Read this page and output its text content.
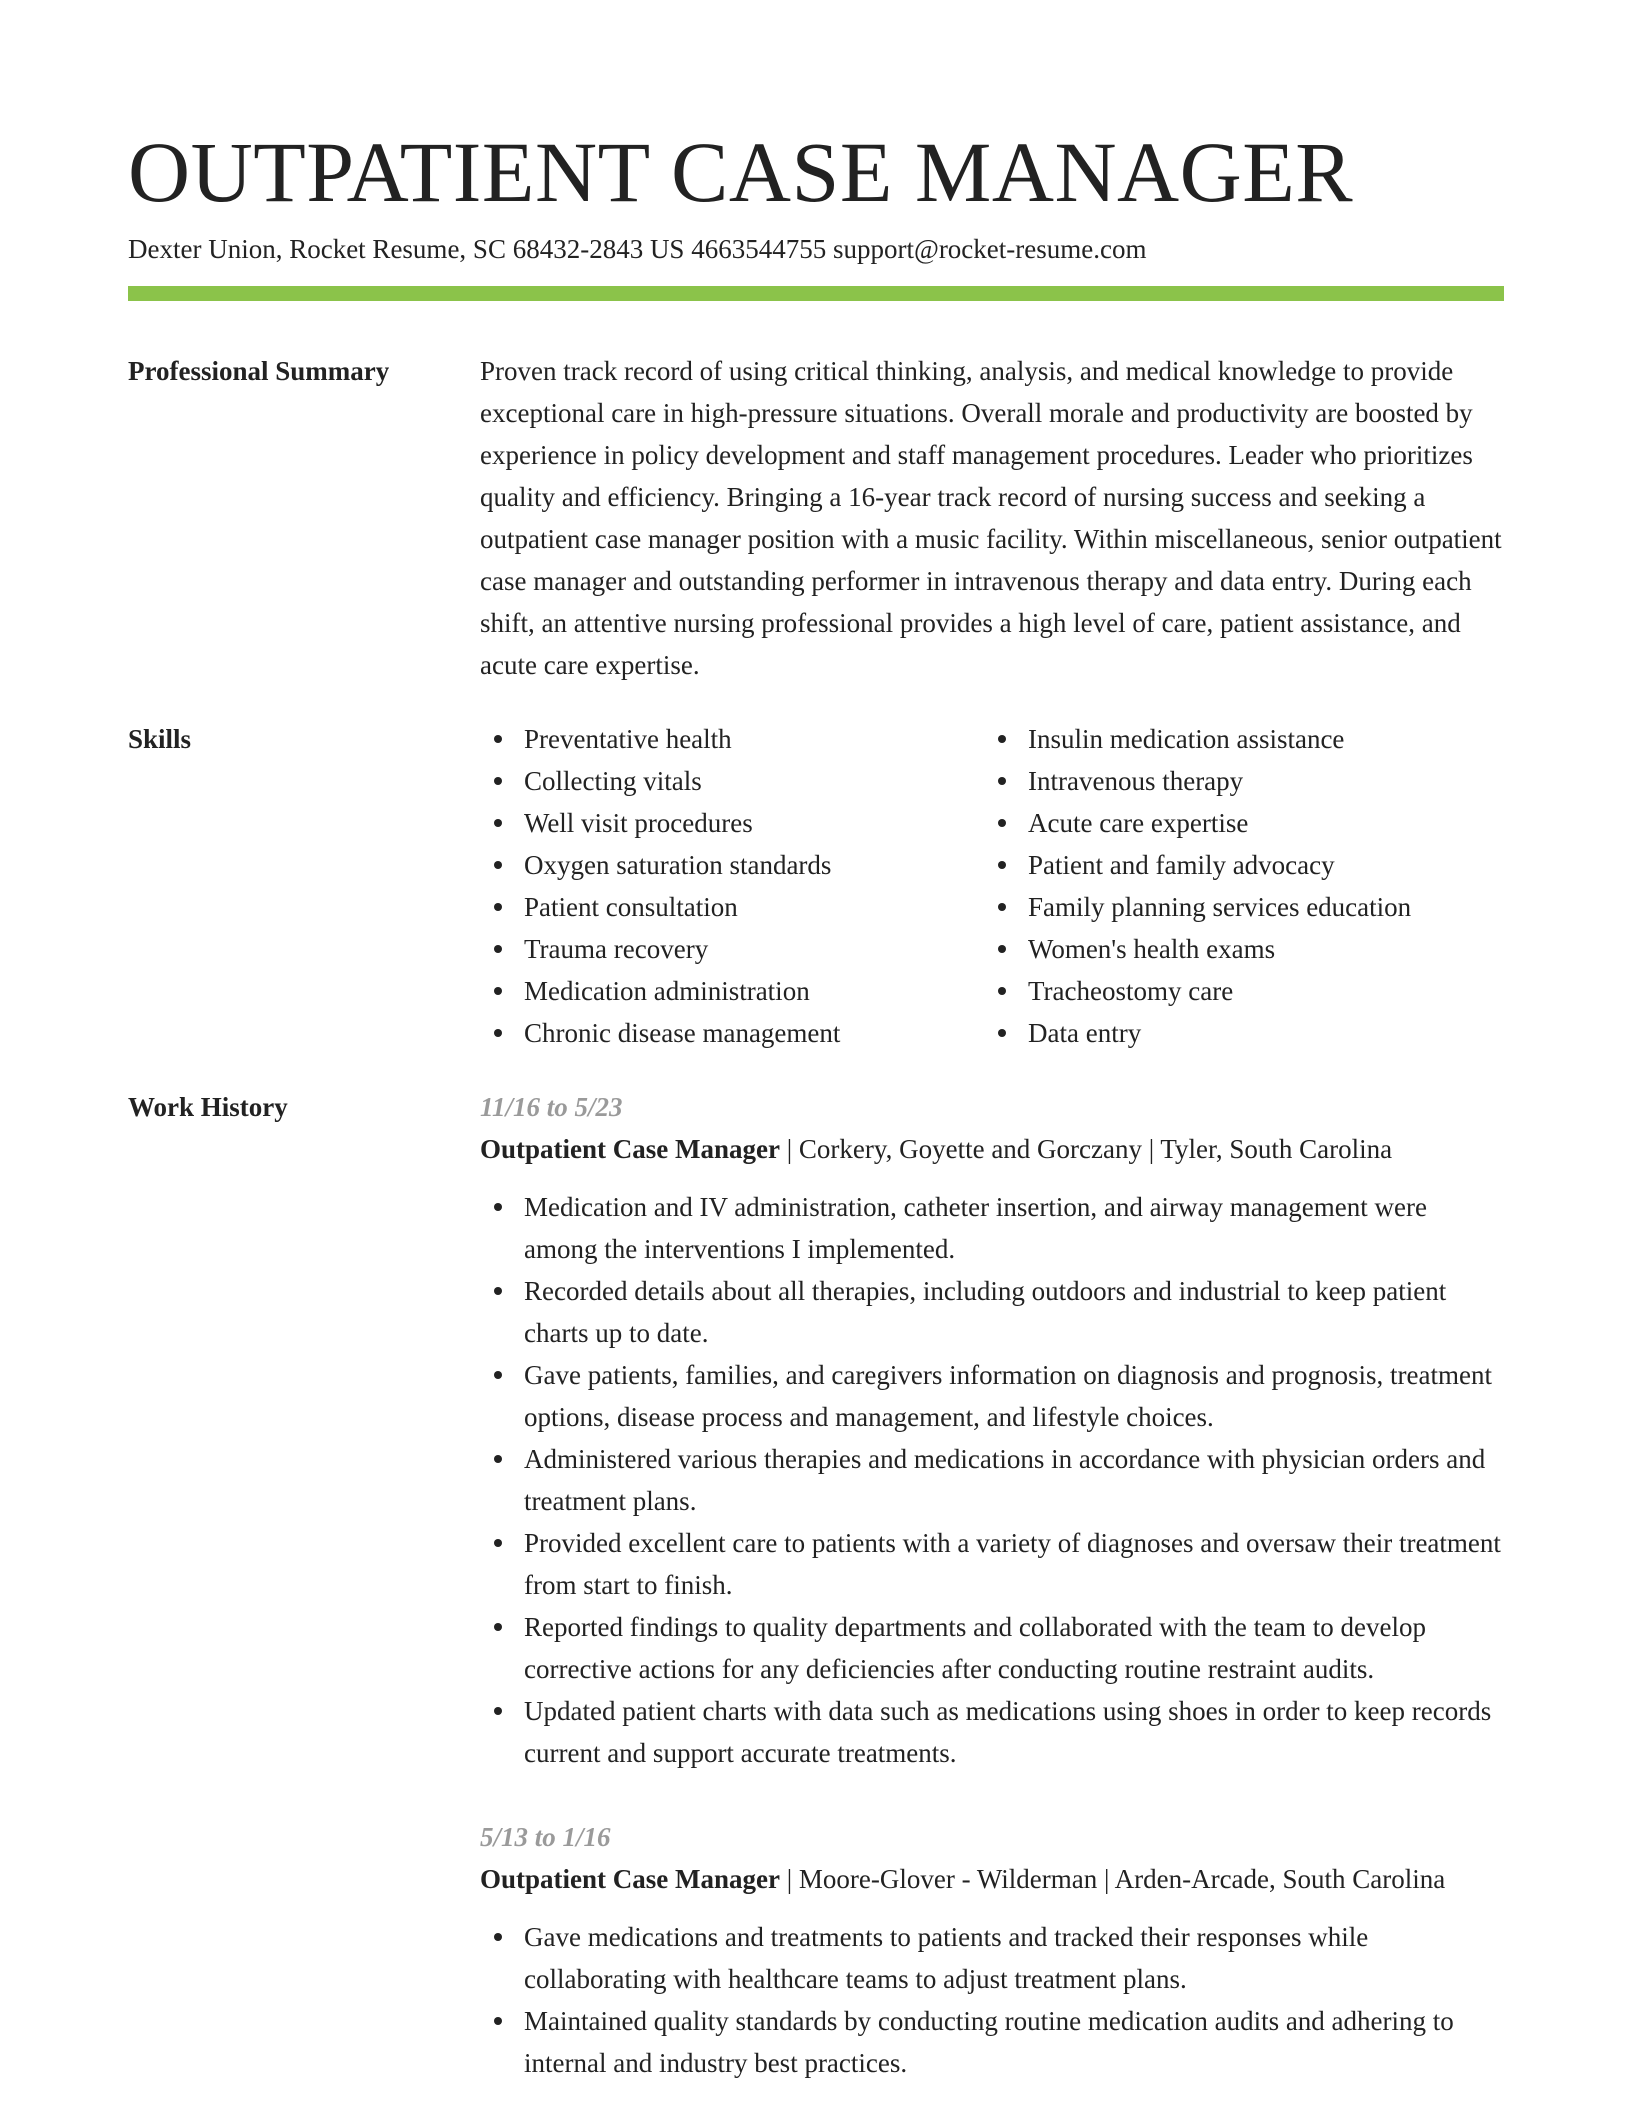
OUTPATIENT CASE MANAGER
Dexter Union, Rocket Resume, SC 68432-2843 US 4663544755 support@rocket-resume.com
Professional Summary	Proven track record of using critical thinking, analysis, and medical knowledge to provide exceptional care in high-pressure situations. Overall morale and productivity are boosted by experience in policy development and staff management procedures. Leader who prioritizes quality and efficiency. Bringing a 16-year track record of nursing success and seeking a outpatient case manager position with a music facility. Within miscellaneous, senior outpatient case manager and outstanding performer in intravenous therapy and data entry. During each shift, an attentive nursing professional provides a high level of care, patient assistance, and acute care expertise.

Skills	Preventative health
Collecting vitals
Well visit procedures
Oxygen saturation standards
Patient consultation
Trauma recovery
Medication administration
Chronic disease management
Insulin medication assistance
Intravenous therapy
Acute care expertise
Patient and family advocacy
Family planning services education
Women's health exams
Tracheostomy care
Data entry
Work History	11/16 to 5/23
Outpatient Case Manager | Corkery, Goyette and Gorczany | Tyler, South Carolina
Medication and IV administration, catheter insertion, and airway management were among the interventions I implemented.
Recorded details about all therapies, including outdoors and industrial to keep patient charts up to date.
Gave patients, families, and caregivers information on diagnosis and prognosis, treatment options, disease process and management, and lifestyle choices.
Administered various therapies and medications in accordance with physician orders and treatment plans.
Provided excellent care to patients with a variety of diagnoses and oversaw their treatment from start to finish.
Reported findings to quality departments and collaborated with the team to develop corrective actions for any deficiencies after conducting routine restraint audits.
Updated patient charts with data such as medications using shoes in order to keep records current and support accurate treatments.
5/13 to 1/16
Outpatient Case Manager | Moore-Glover - Wilderman | Arden-Arcade, South Carolina
Gave medications and treatments to patients and tracked their responses while collaborating with healthcare teams to adjust treatment plans.
Maintained quality standards by conducting routine medication audits and adhering to internal and industry best practices.
